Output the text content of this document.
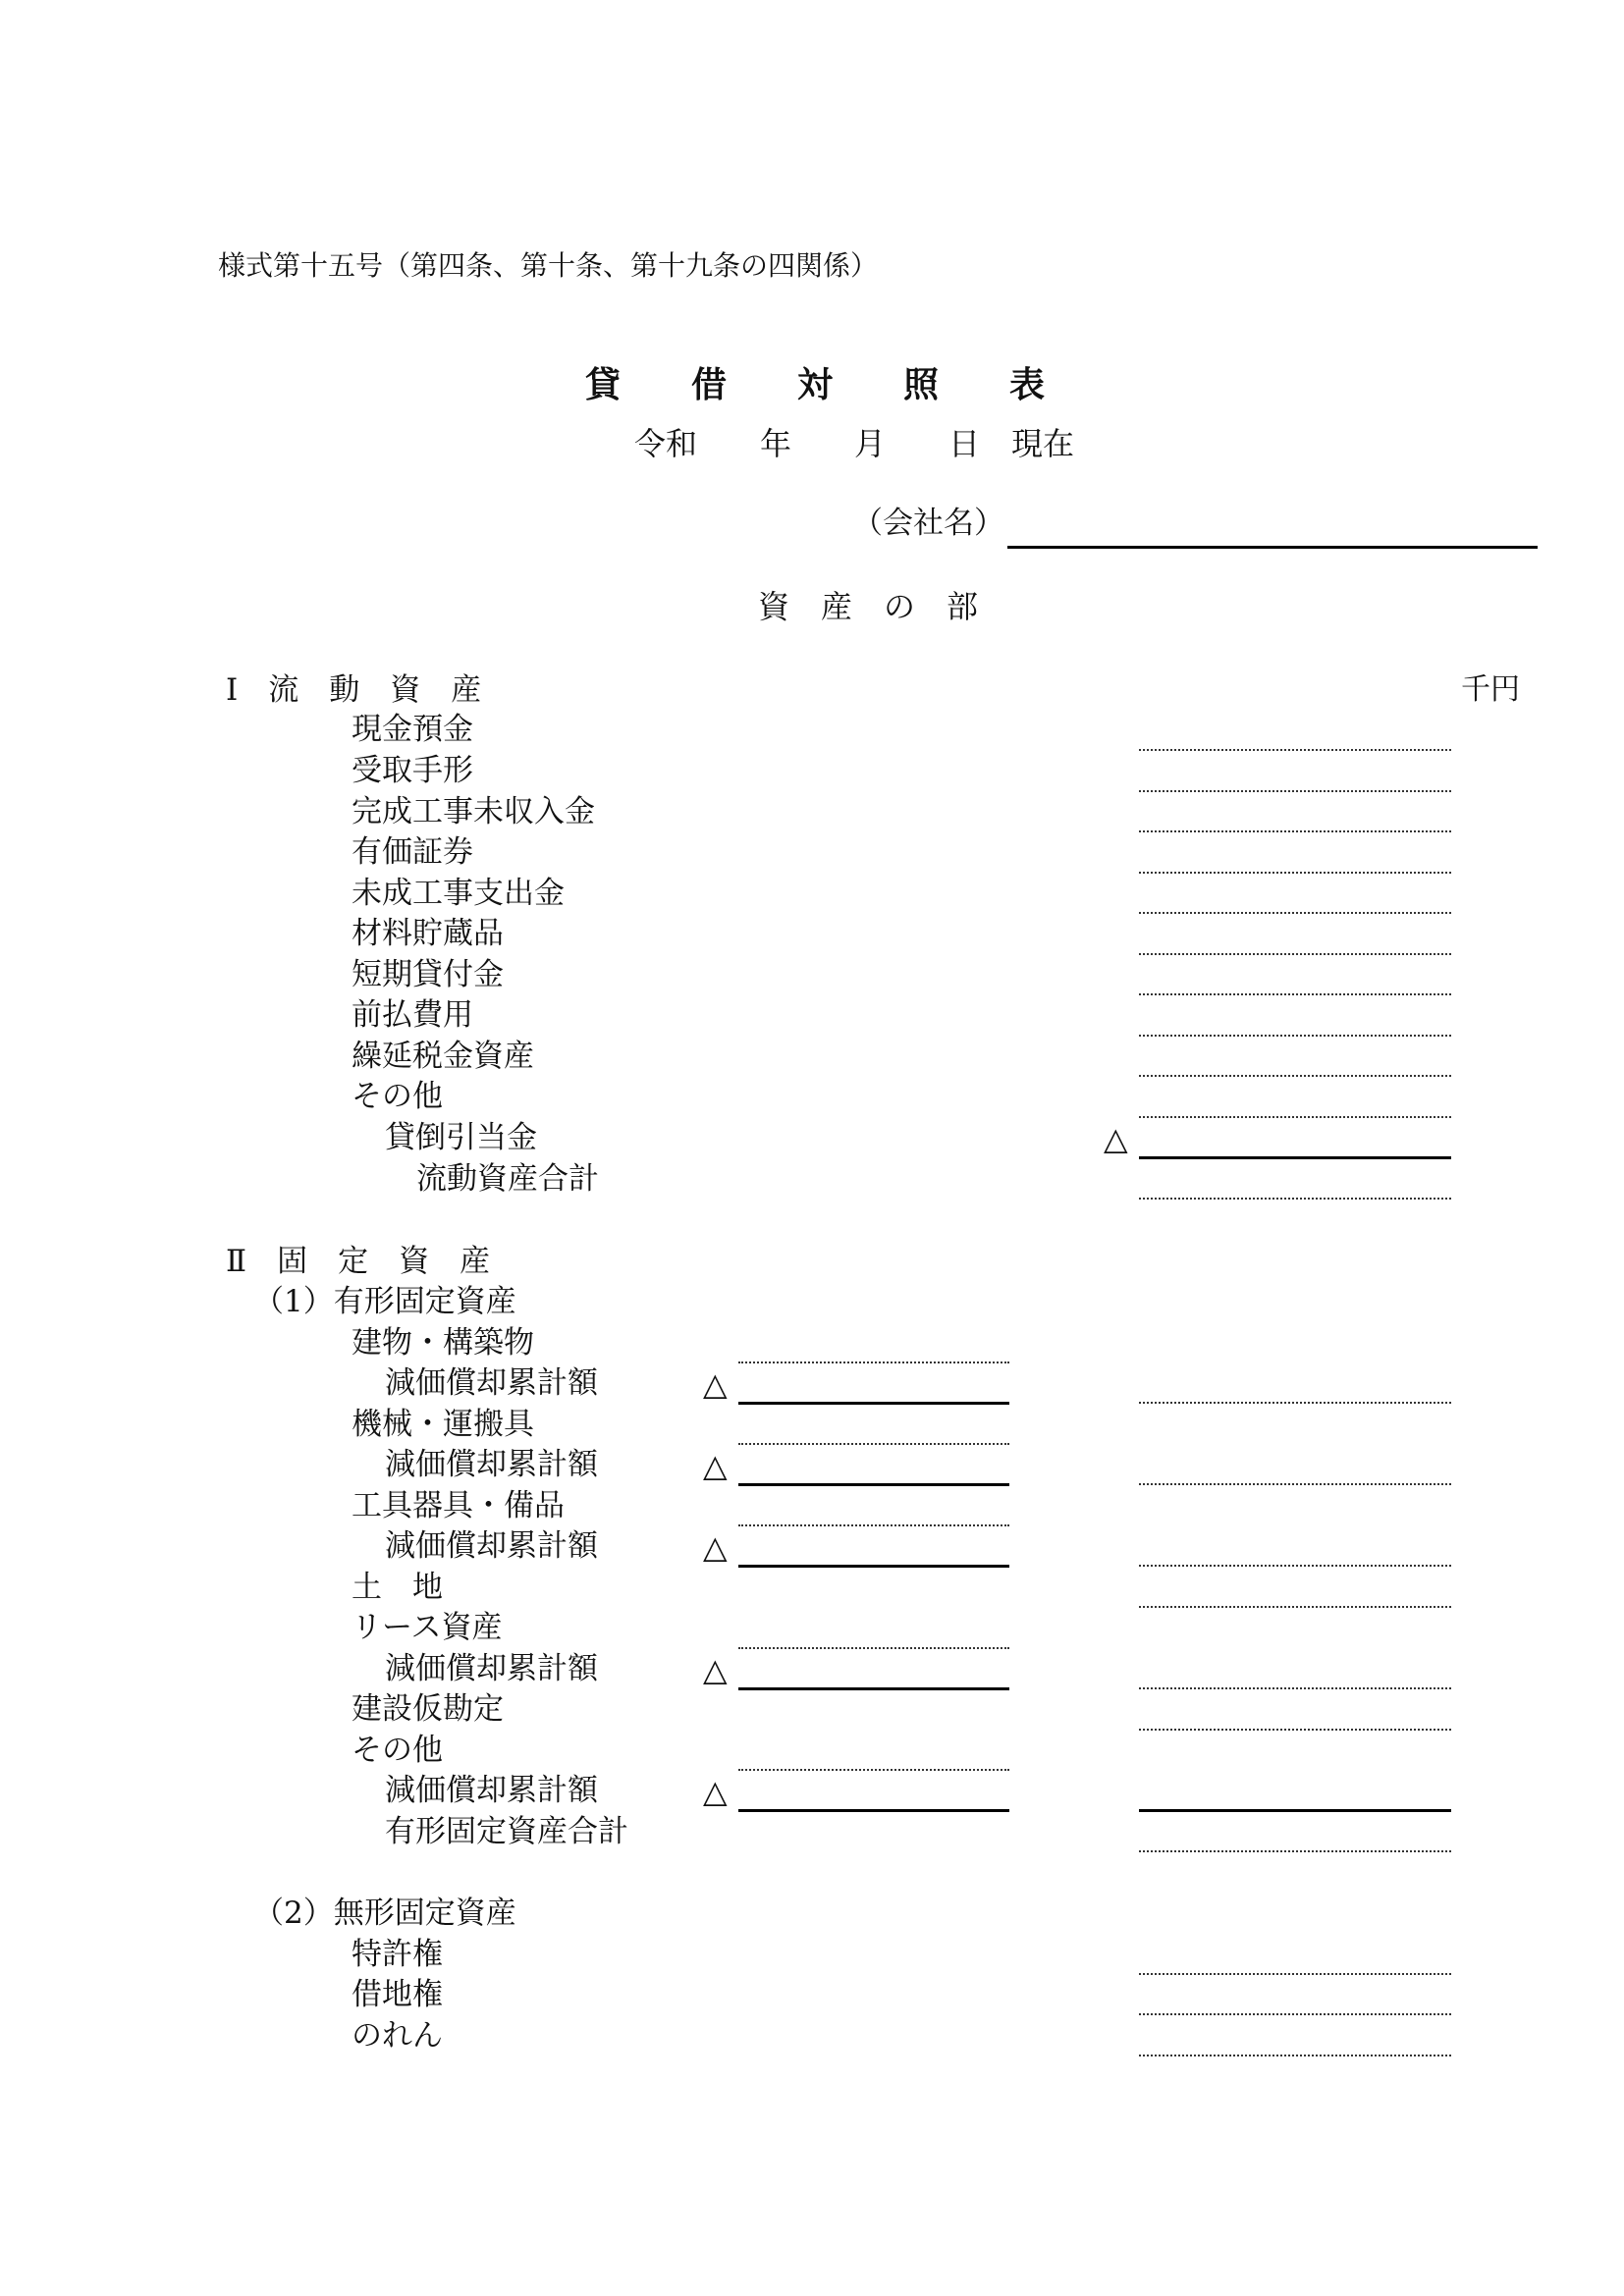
様式第十五号（第四条、第十条、第十九条の四関係）
貸　　借　　対　　照　　表
令和　　年　　月　　日　現在
（会社名）
資　産　の　部
千円
Ⅰ　流　動　資　産
現金預金
受取手形
完成工事未収入金
有価証券
未成工事支出金
材料貯蔵品
短期貸付金
前払費用
繰延税金資産
その他
貸倒引当金
流動資産合計
△
Ⅱ　固　定　資　産
（1）有形固定資産
建物・構築物
減価償却累計額
機械・運搬具
減価償却累計額
工具器具・備品
減価償却累計額
土　地
リース資産
減価償却累計額
建設仮勘定
その他
減価償却累計額
有形固定資産合計
△
△
△
△
△
（2）無形固定資産
特許権
借地権
のれん
